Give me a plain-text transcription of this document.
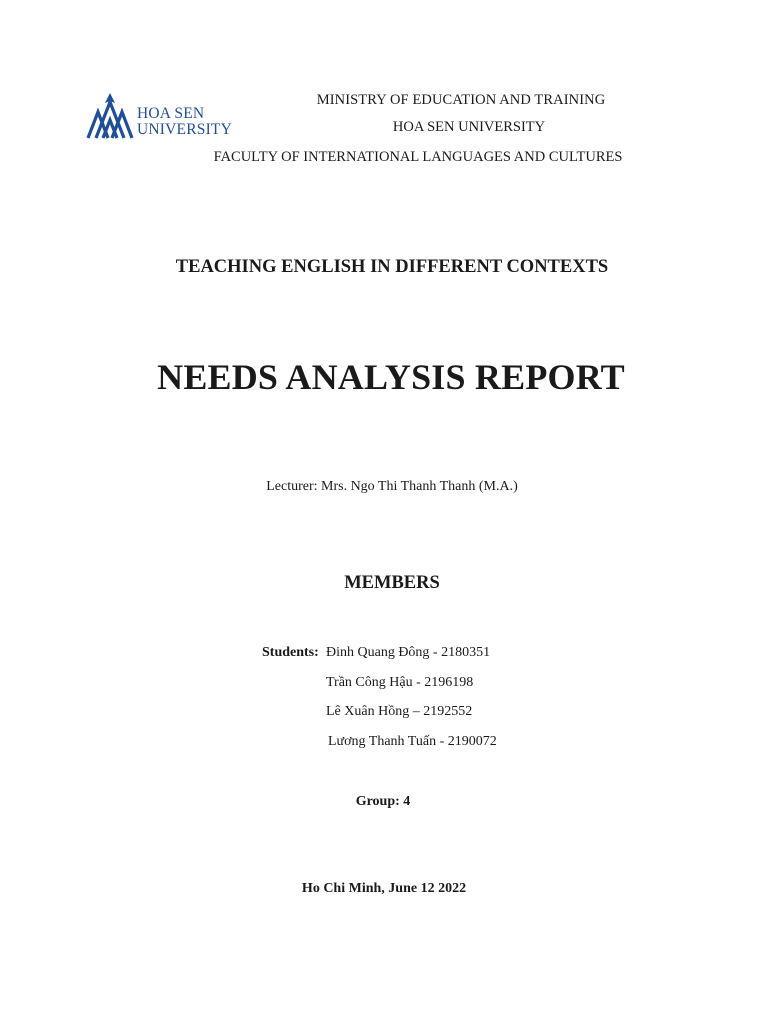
HOA SEN
UNIVERSITY
MINISTRY OF EDUCATION AND TRAINING
HOA SEN UNIVERSITY
FACULTY OF INTERNATIONAL LANGUAGES AND CULTURES
TEACHING ENGLISH IN DIFFERENT CONTEXTS
NEEDS ANALYSIS REPORT
Lecturer: Mrs. Ngo Thi Thanh Thanh (M.A.)
MEMBERS
Students: Đinh Quang Đông - 2180351
Trần Công Hậu - 2196198
Lê Xuân Hồng – 2192552
Lương Thanh Tuấn - 2190072
Group: 4
Ho Chi Minh, June 12 2022
